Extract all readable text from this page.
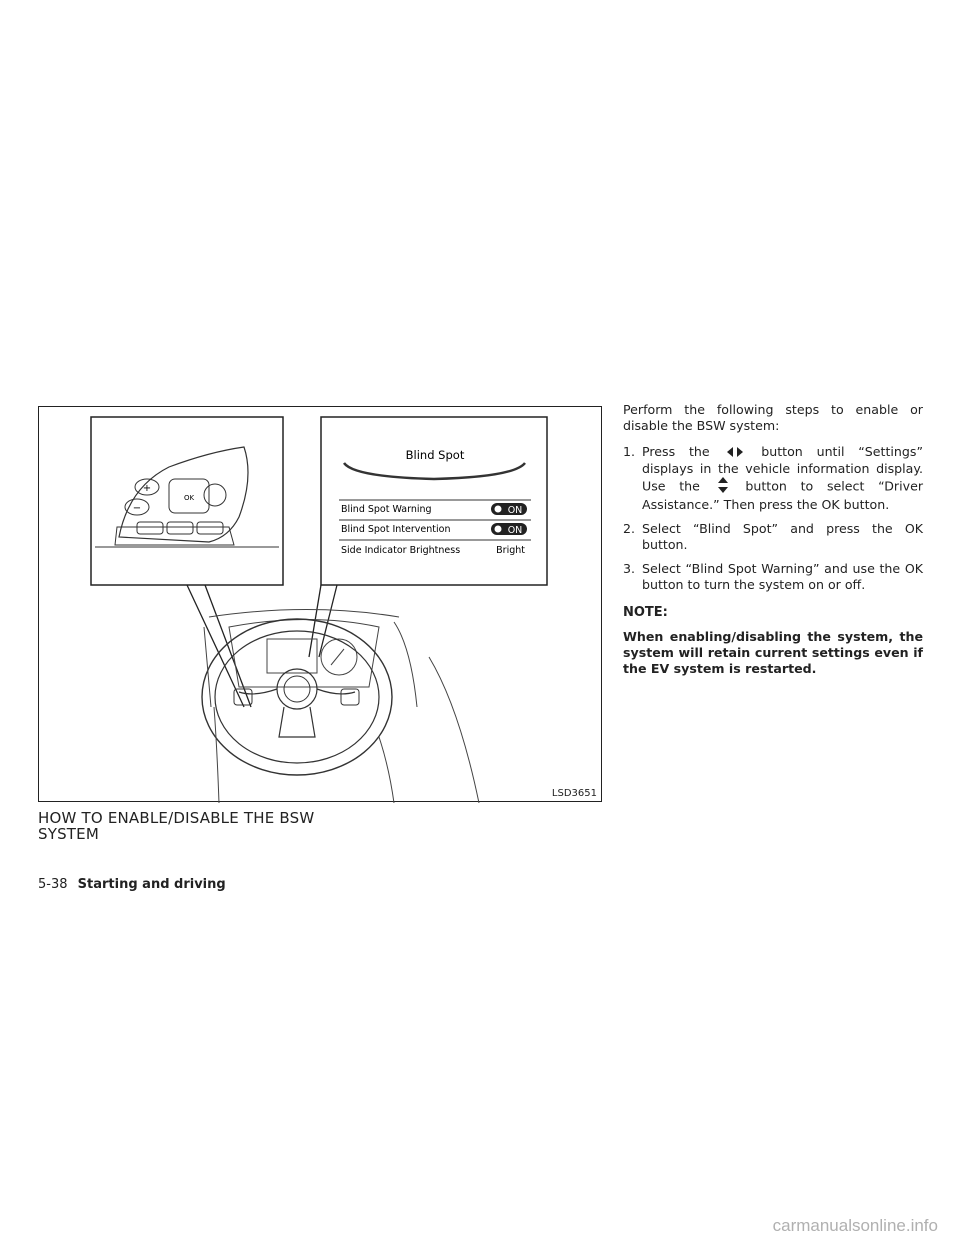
+
−
OK
Blind Spot
Blind Spot Warning	ON
Blind Spot Intervention	ON
Side Indicator Brightness	Bright
LSD3651
HOW TO ENABLE/DISABLE THE BSW SYSTEM

Perform the following steps to enable or disable the BSW system:

1. Press the	button until “Settings” displays in the vehicle information display. Use the	button to select “Driver Assistance.” Then press the OK button.
2. Select “Blind Spot” and press the OK button.
3. Select “Blind Spot Warning” and use the OK button to turn the system on or off.
NOTE:
When enabling/disabling the system, the system will retain current settings even if the EV system is restarted.
5-38 Starting and driving
carmanualsonline.info
